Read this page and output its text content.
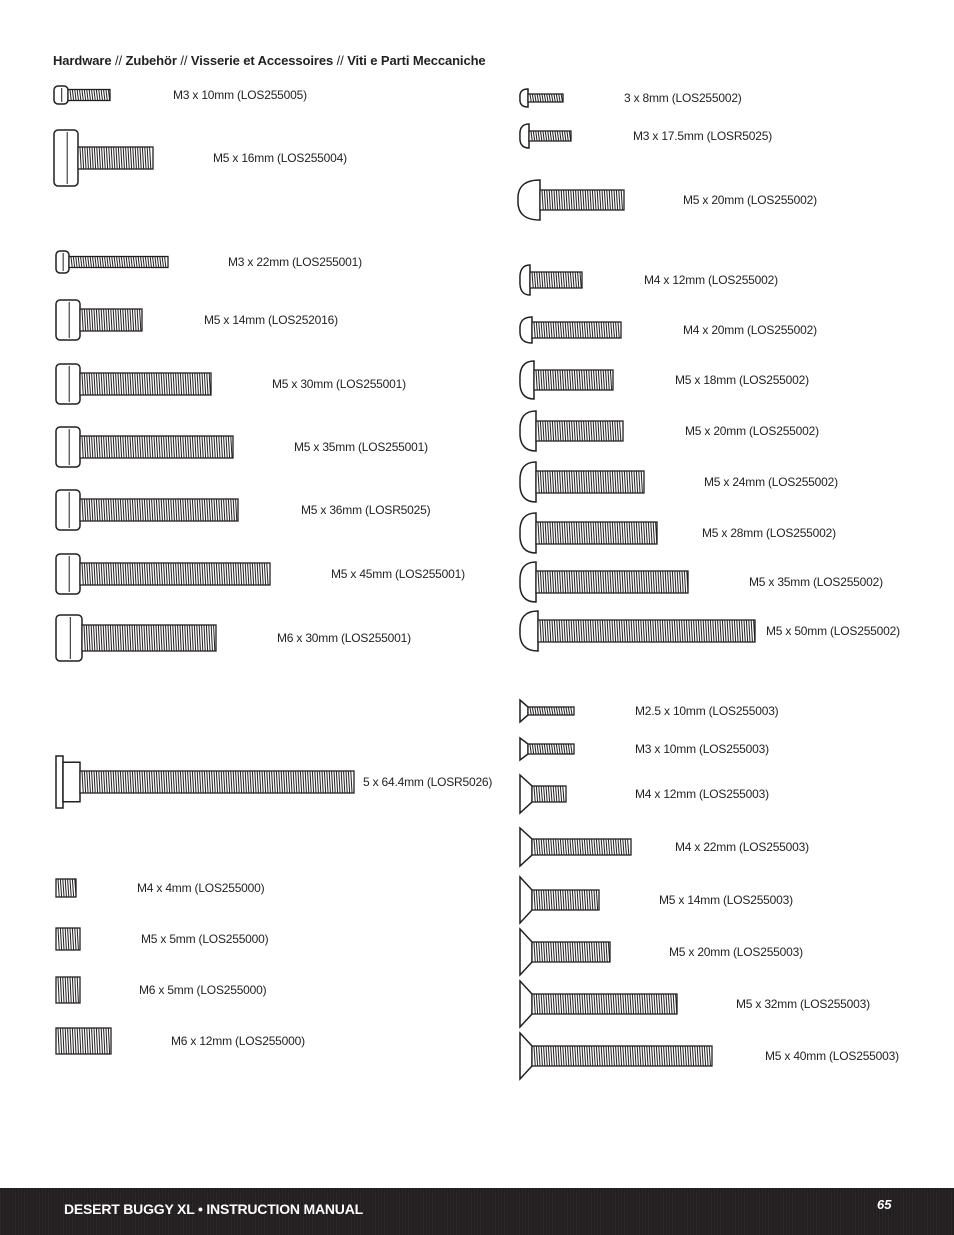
Hardware // Zubehör // Visserie et Accessoires // Viti e Parti Meccaniche
M3 x 10mm (LOS255005)
M5 x 16mm (LOS255004)
M3 x 22mm (LOS255001)
M5 x 14mm (LOS252016)
M5 x 30mm (LOS255001)
M5 x 35mm (LOS255001)
M5 x 36mm (LOSR5025)
M5 x 45mm (LOS255001)
M6 x 30mm (LOS255001)
5 x 64.4mm (LOSR5026)
M4 x 4mm (LOS255000)
M5 x 5mm (LOS255000)
M6 x 5mm (LOS255000)
M6 x 12mm (LOS255000)
3 x 8mm (LOS255002)
M3 x 17.5mm (LOSR5025)
M5 x 20mm (LOS255002)
M4 x 12mm (LOS255002)
M4 x 20mm (LOS255002)
M5 x 18mm (LOS255002)
M5 x 20mm (LOS255002)
M5 x 24mm (LOS255002)
M5 x 28mm (LOS255002)
M5 x 35mm (LOS255002)
M5 x 50mm (LOS255002)
M2.5 x 10mm (LOS255003)
M3 x 10mm (LOS255003)
M4 x 12mm (LOS255003)
M4 x 22mm (LOS255003)
M5 x 14mm (LOS255003)
M5 x 20mm (LOS255003)
M5 x 32mm (LOS255003)
M5 x 40mm (LOS255003)
DESERT BUGGY XL • INSTRUCTION MANUAL	65
